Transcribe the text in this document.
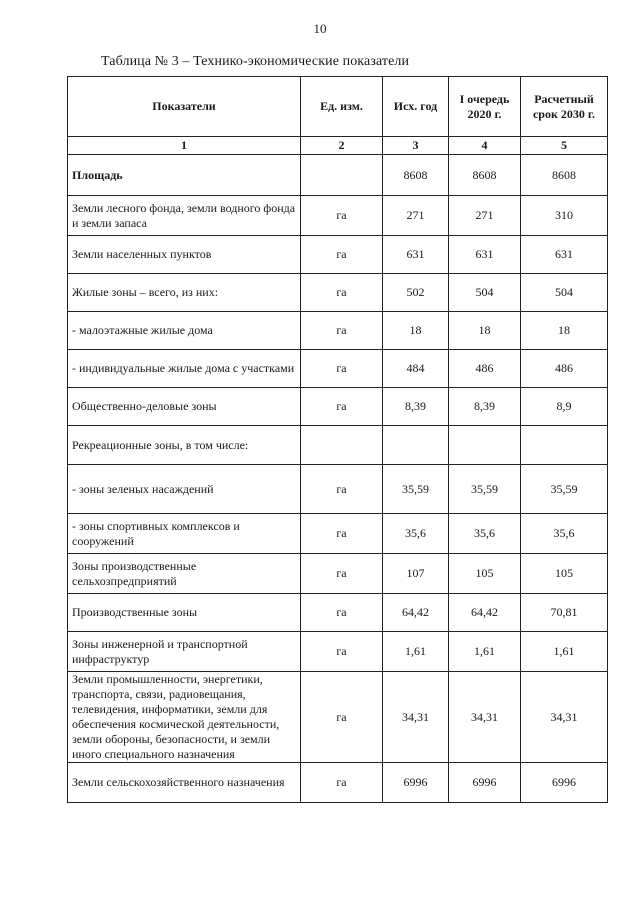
10
Таблица № 3 – Технико-экономические показатели
Показатели	Ед. изм.	Исх. год	I очередь 2020 г.	Расчетный срок 2030 г.
1	2	3	4	5
Площадь		8608	8608	8608
Земли лесного фонда, земли водного фонда и земли запаса	га	271	271	310
Земли населенных пунктов	га	631	631	631
Жилые зоны – всего, из них:	га	502	504	504
- малоэтажные жилые дома	га	18	18	18
- индивидуальные жилые дома с участками	га	484	486	486
Общественно-деловые зоны	га	8,39	8,39	8,9
Рекреационные зоны, в том числе:				
- зоны зеленых насаждений	га	35,59	35,59	35,59
- зоны спортивных комплексов и сооружений	га	35,6	35,6	35,6
Зоны производственные сельхозпредприятий	га	107	105	105
Производственные зоны	га	64,42	64,42	70,81
Зоны инженерной и транспортной инфраструктур	га	1,61	1,61	1,61
Земли промышленности, энергетики, транспорта, связи, радиовещания, телевидения, информатики, земли для обеспечения космической деятельности, земли обороны, безопасности, и земли иного специального назначения	га	34,31	34,31	34,31
Земли сельскохозяйственного назначения	га	6996	6996	6996
